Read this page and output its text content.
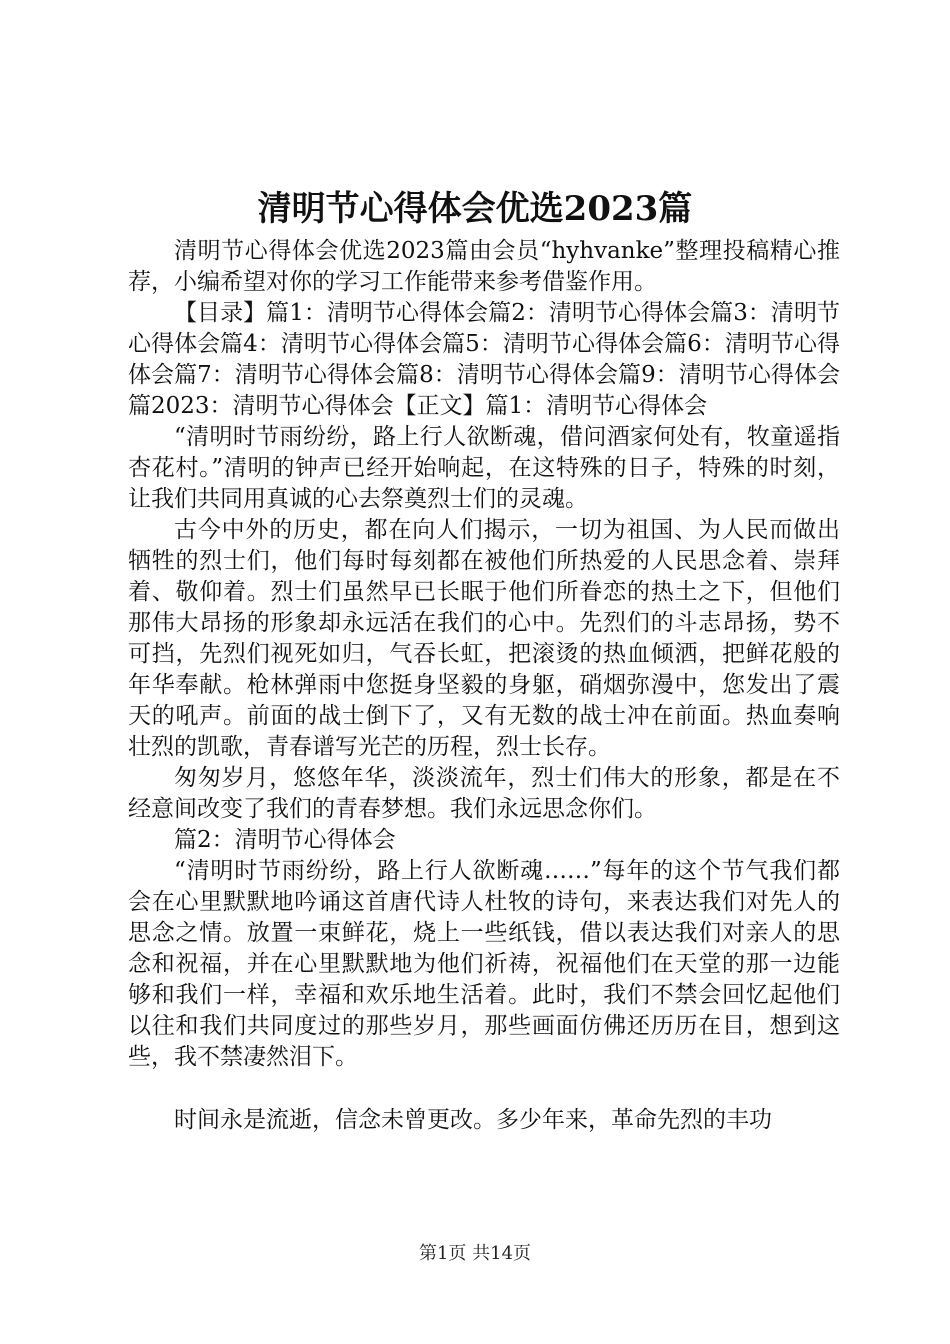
清明节心得体会优选2023篇

清明节心得体会优选2023篇由会员“hyhvanke”整理投稿精心推荐，小编希望对你的学习工作能带来参考借鉴作用。

【目录】篇1：清明节心得体会篇2：清明节心得体会篇3：清明节心得体会篇4：清明节心得体会篇5：清明节心得体会篇6：清明节心得体会篇7：清明节心得体会篇8：清明节心得体会篇9：清明节心得体会篇2023：清明节心得体会【正文】篇1：清明节心得体会

“清明时节雨纷纷，路上行人欲断魂，借问酒家何处有，牧童遥指杏花村。”清明的钟声已经开始响起，在这特殊的日子，特殊的时刻，让我们共同用真诚的心去祭奠烈士们的灵魂。

古今中外的历史，都在向人们揭示，一切为祖国、为人民而做出牺牲的烈士们，他们每时每刻都在被他们所热爱的人民思念着、崇拜着、敬仰着。烈士们虽然早已长眠于他们所眷恋的热土之下，但他们那伟大昂扬的形象却永远活在我们的心中。先烈们的斗志昂扬，势不可挡，先烈们视死如归，气吞长虹，把滚烫的热血倾洒，把鲜花般的年华奉献。枪林弹雨中您挺身坚毅的身躯，硝烟弥漫中，您发出了震天的吼声。前面的战士倒下了，又有无数的战士冲在前面。热血奏响壮烈的凯歌，青春谱写光芒的历程，烈士长存。

匆匆岁月，悠悠年华，淡淡流年，烈士们伟大的形象，都是在不经意间改变了我们的青春梦想。我们永远思念你们。

篇2：清明节心得体会

“清明时节雨纷纷，路上行人欲断魂……”每年的这个节气我们都会在心里默默地吟诵这首唐代诗人杜牧的诗句，来表达我们对先人的思念之情。放置一束鲜花，烧上一些纸钱，借以表达我们对亲人的思念和祝福，并在心里默默地为他们祈祷，祝福他们在天堂的那一边能够和我们一样，幸福和欢乐地生活着。此时，我们不禁会回忆起他们以往和我们共同度过的那些岁月，那些画面仿佛还历历在目，想到这些，我不禁凄然泪下。

时间永是流逝，信念未曾更改。多少年来，革命先烈的丰功

第1页 共14页
